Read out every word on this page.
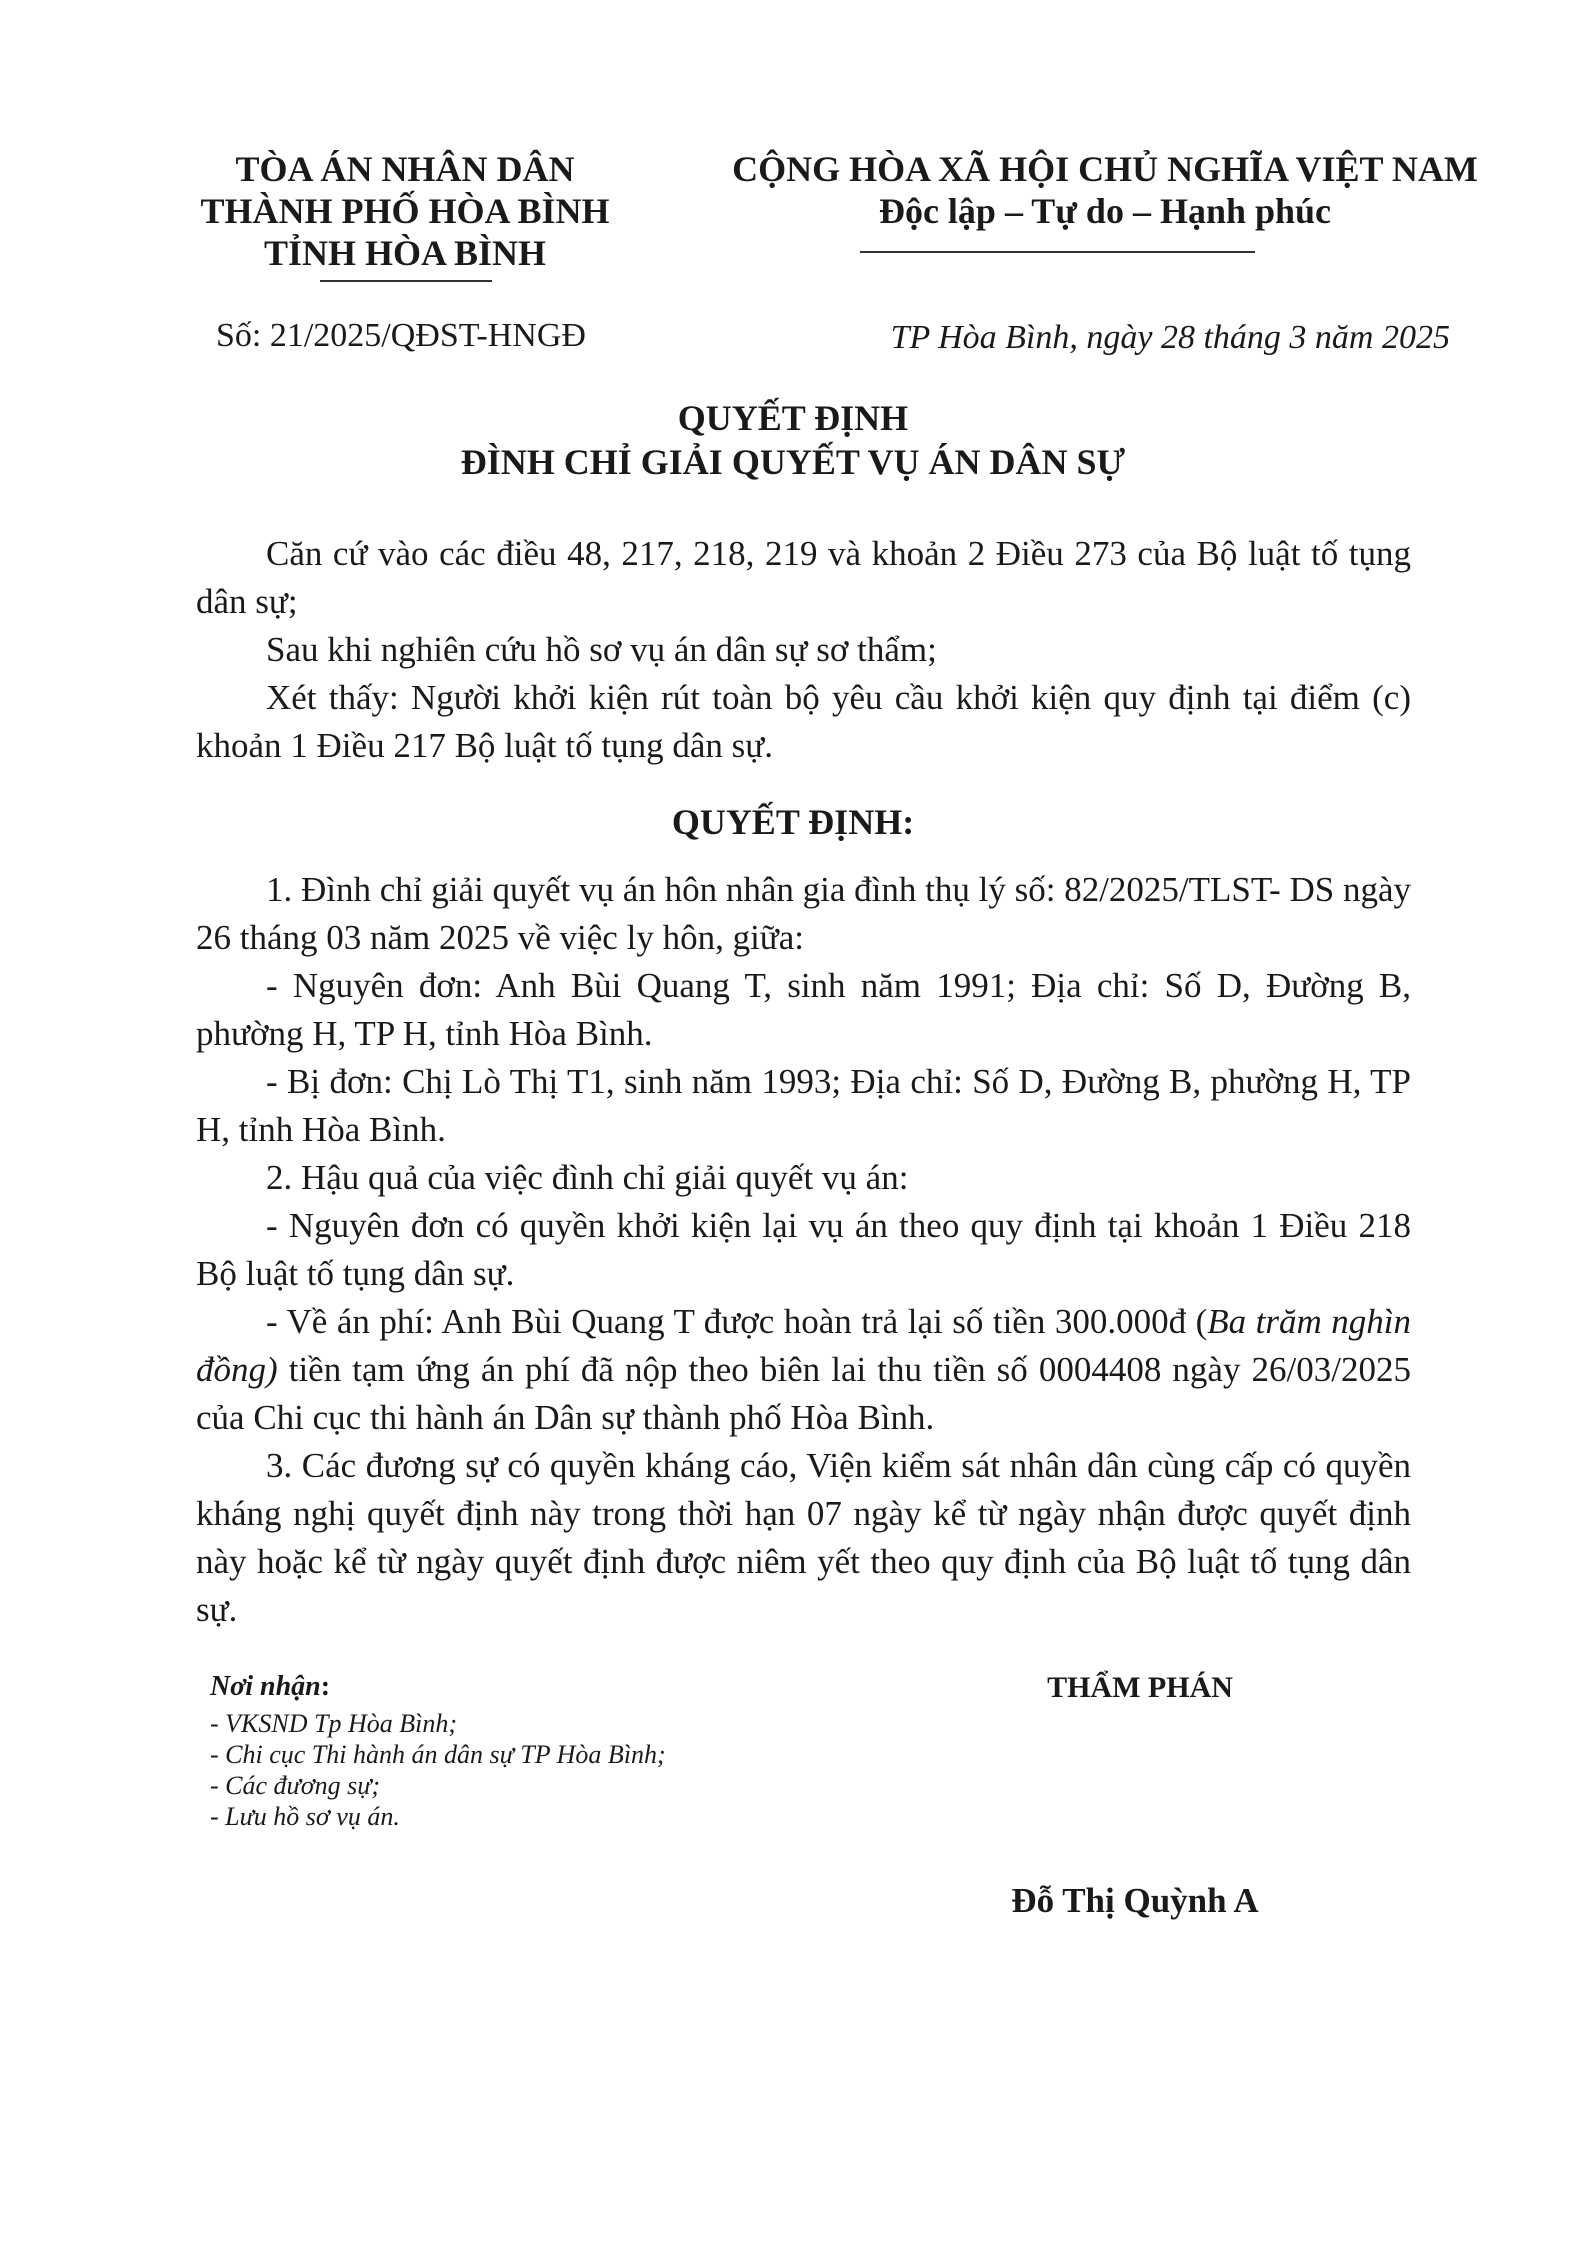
TÒA ÁN NHÂN DÂN
THÀNH PHỐ HÒA BÌNH
TỈNH HÒA BÌNH
CỘNG HÒA XÃ HỘI CHỦ NGHĨA VIỆT NAM
Độc lập – Tự do – Hạnh phúc
Số: 21/2025/QĐST-HNGĐ	TP Hòa Bình, ngày 28 tháng 3 năm 2025
QUYẾT ĐỊNH
ĐÌNH CHỈ GIẢI QUYẾT VỤ ÁN DÂN SỰ

Căn cứ vào các điều 48, 217, 218, 219 và khoản 2 Điều 273 của Bộ luật tố tụng dân sự;

Sau khi nghiên cứu hồ sơ vụ án dân sự sơ thẩm;

Xét thấy: Người khởi kiện rút toàn bộ yêu cầu khởi kiện quy định tại điểm (c) khoản 1 Điều 217 Bộ luật tố tụng dân sự.

QUYẾT ĐỊNH:

1. Đình chỉ giải quyết vụ án hôn nhân gia đình thụ lý số: 82/2025/TLST- DS ngày 26 tháng 03 năm 2025 về việc ly hôn, giữa:

- Nguyên đơn: Anh Bùi Quang T, sinh năm 1991; Địa chỉ: Số D, Đường B, phường H, TP H, tỉnh Hòa Bình.

- Bị đơn: Chị Lò Thị T1, sinh năm 1993; Địa chỉ: Số D, Đường B, phường H, TP H, tỉnh Hòa Bình.

2. Hậu quả của việc đình chỉ giải quyết vụ án:

- Nguyên đơn có quyền khởi kiện lại vụ án theo quy định tại khoản 1 Điều 218 Bộ luật tố tụng dân sự.

- Về án phí: Anh Bùi Quang T được hoàn trả lại số tiền 300.000đ (Ba trăm nghìn đồng) tiền tạm ứng án phí đã nộp theo biên lai thu tiền số 0004408 ngày 26/03/2025 của Chi cục thi hành án Dân sự thành phố Hòa Bình.

3. Các đương sự có quyền kháng cáo, Viện kiểm sát nhân dân cùng cấp có quyền kháng nghị quyết định này trong thời hạn 07 ngày kể từ ngày nhận được quyết định này hoặc kể từ ngày quyết định được niêm yết theo quy định của Bộ luật tố tụng dân sự.

Nơi nhận:
- VKSND Tp Hòa Bình;
- Chi cục Thi hành án dân sự TP Hòa Bình;
- Các đương sự;
- Lưu hồ sơ vụ án.
THẨM PHÁN
Đỗ Thị Quỳnh A
